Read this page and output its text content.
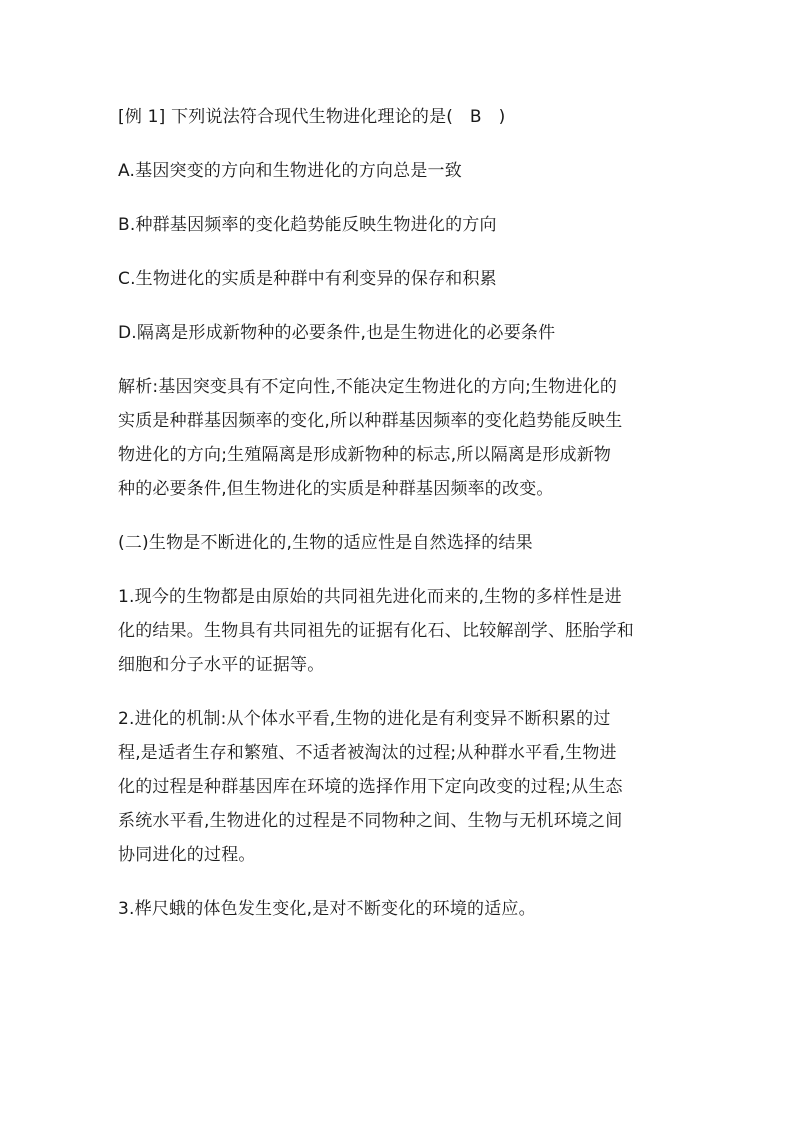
[例 1] 下列说法符合现代生物进化理论的是(   B   )
A.基因突变的方向和生物进化的方向总是一致
B.种群基因频率的变化趋势能反映生物进化的方向
C.生物进化的实质是种群中有利变异的保存和积累
D.隔离是形成新物种的必要条件,也是生物进化的必要条件
解析:基因突变具有不定向性,不能决定生物进化的方向;生物进化的
实质是种群基因频率的变化,所以种群基因频率的变化趋势能反映生
物进化的方向;生殖隔离是形成新物种的标志,所以隔离是形成新物
种的必要条件,但生物进化的实质是种群基因频率的改变。
(二)生物是不断进化的,生物的适应性是自然选择的结果
1.现今的生物都是由原始的共同祖先进化而来的,生物的多样性是进
化的结果。生物具有共同祖先的证据有化石、比较解剖学、胚胎学和
细胞和分子水平的证据等。
2.进化的机制:从个体水平看,生物的进化是有利变异不断积累的过
程,是适者生存和繁殖、不适者被淘汰的过程;从种群水平看,生物进
化的过程是种群基因库在环境的选择作用下定向改变的过程;从生态
系统水平看,生物进化的过程是不同物种之间、生物与无机环境之间
协同进化的过程。
3.桦尺蛾的体色发生变化,是对不断变化的环境的适应。
